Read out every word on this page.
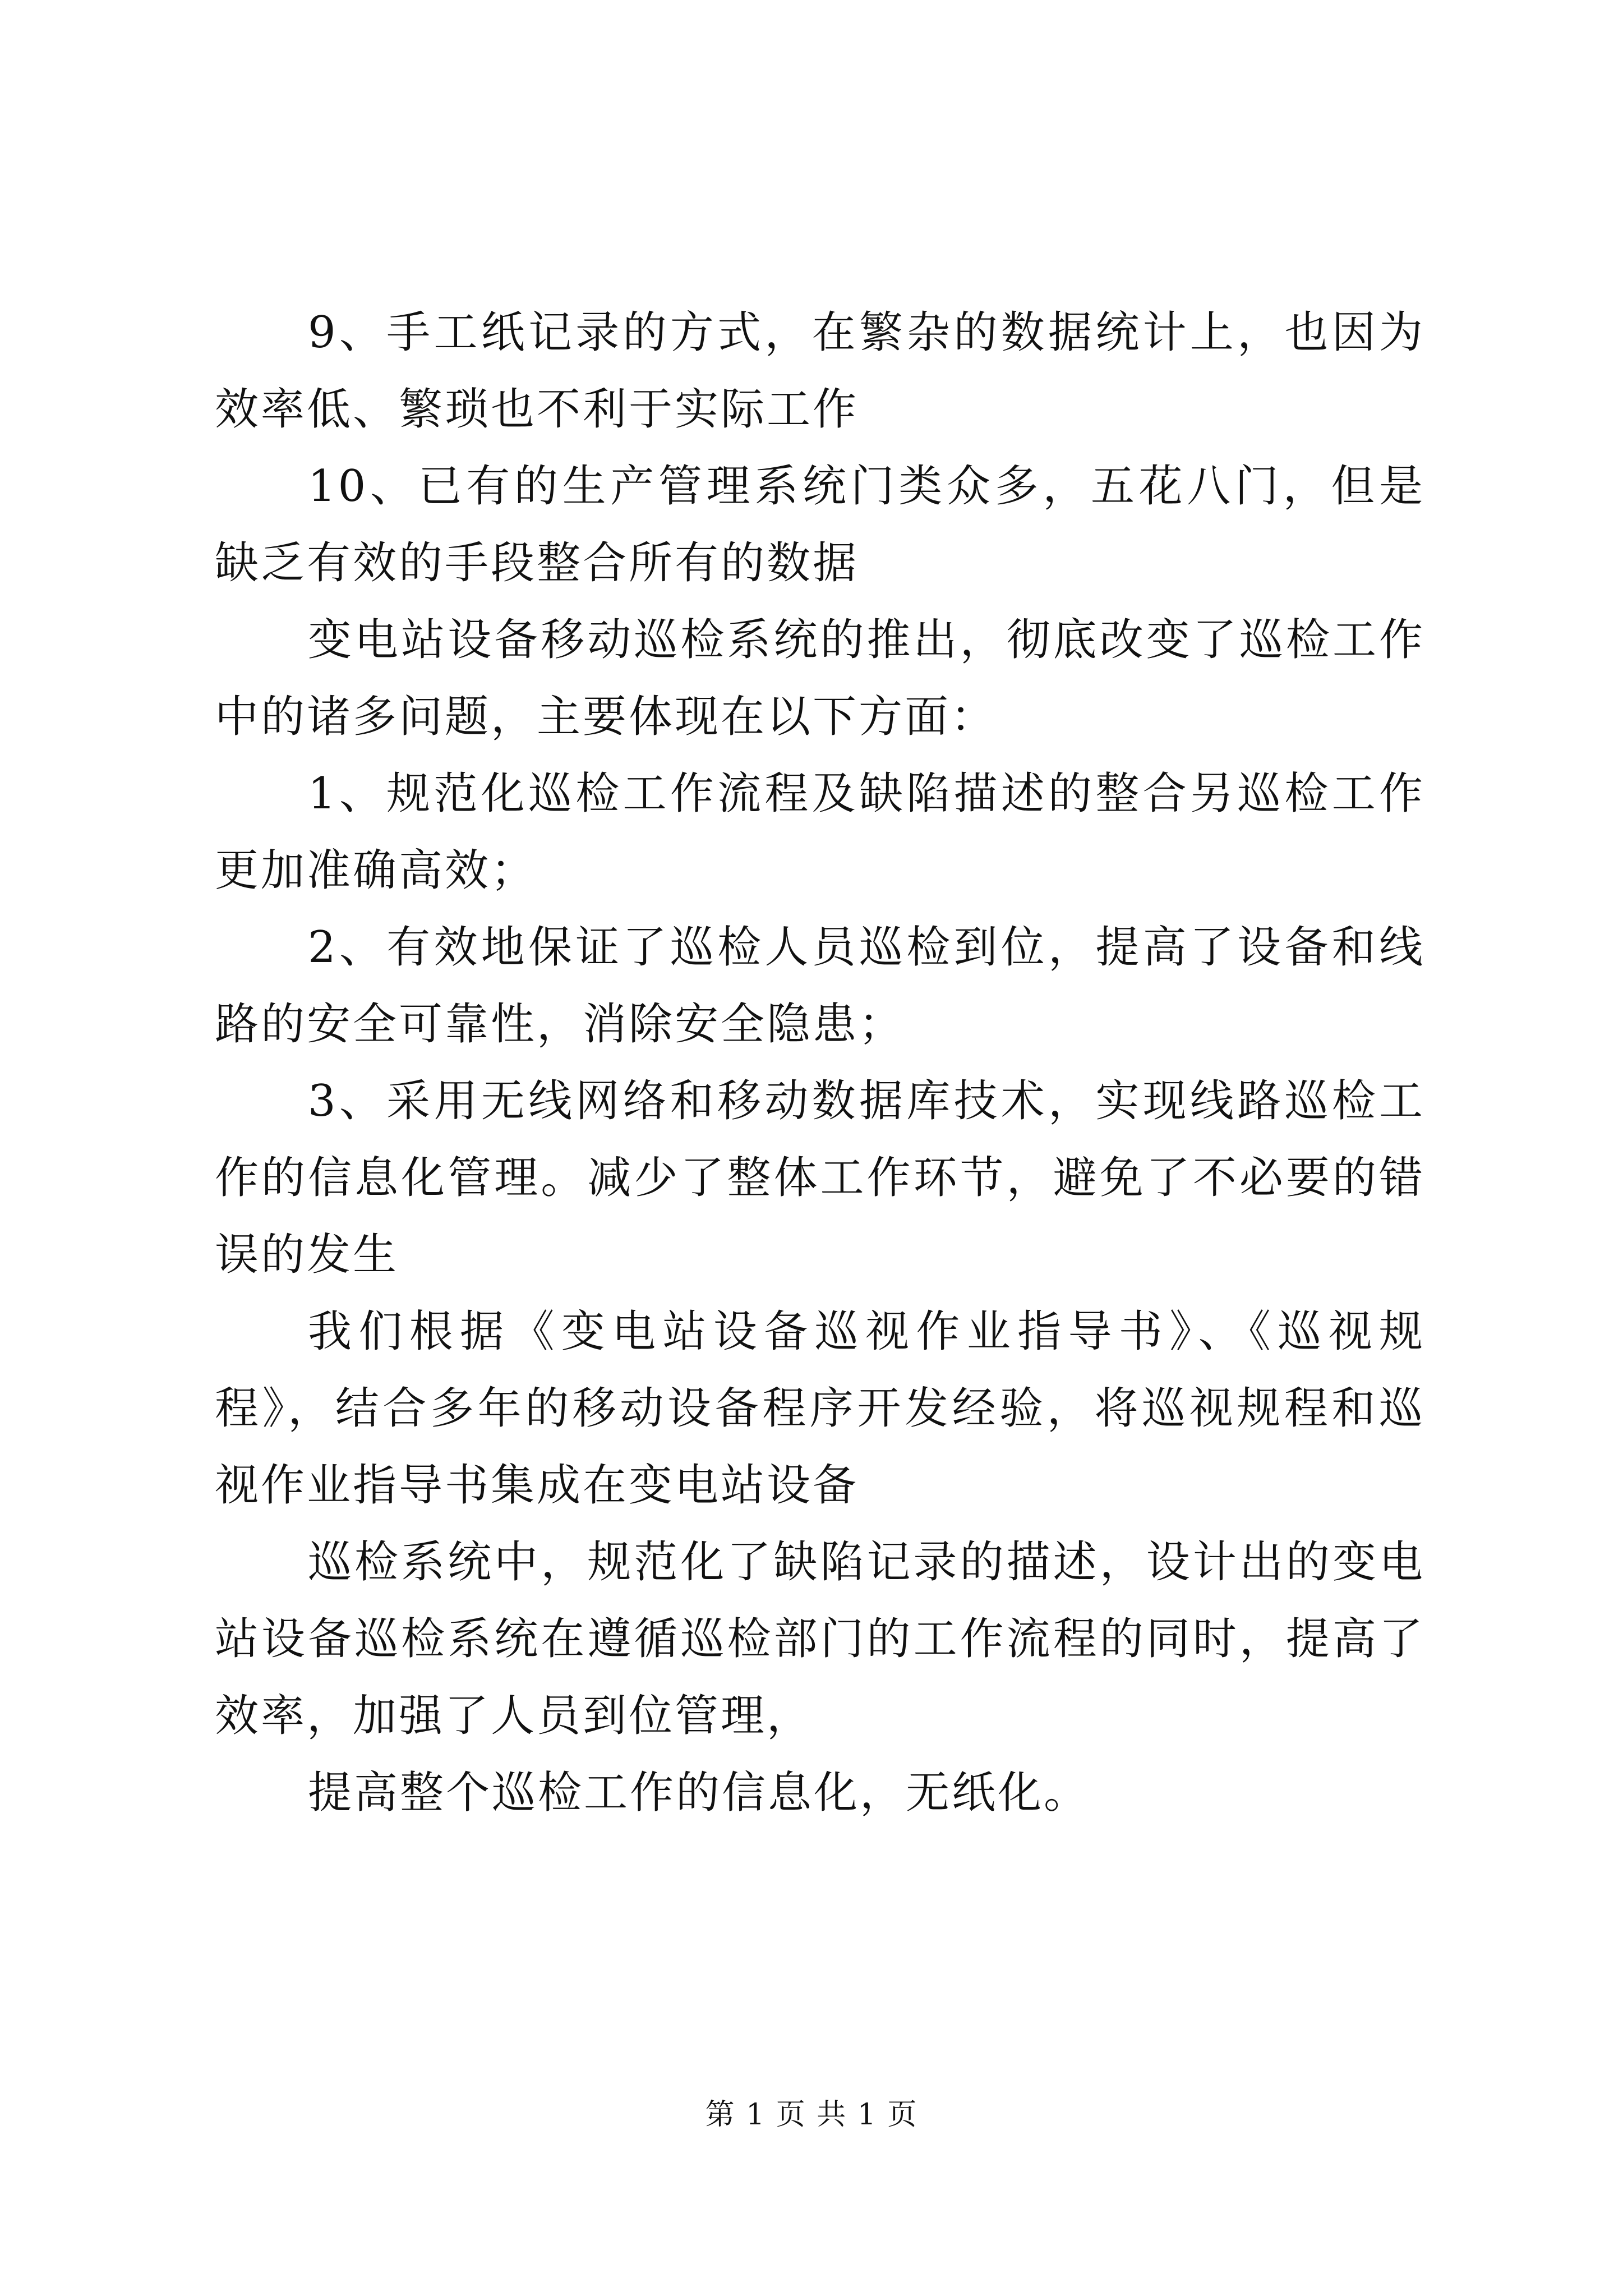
9、手工纸记录的方式，在繁杂的数据统计上，也因为效率低、繁琐也不利于实际工作

10、已有的生产管理系统门类众多，五花八门，但是缺乏有效的手段整合所有的数据

变电站设备移动巡检系统的推出，彻底改变了巡检工作中的诸多问题，主要体现在以下方面：

1、规范化巡检工作流程及缺陷描述的整合另巡检工作更加准确高效；

2、有效地保证了巡检人员巡检到位，提高了设备和线路的安全可靠性，消除安全隐患；

3、采用无线网络和移动数据库技术，实现线路巡检工作的信息化管理。减少了整体工作环节，避免了不必要的错误的发生

我们根据《变电站设备巡视作业指导书》、《巡视规程》，结合多年的移动设备程序开发经验，将巡视规程和巡视作业指导书集成在变电站设备

巡检系统中，规范化了缺陷记录的描述，设计出的变电站设备巡检系统在遵循巡检部门的工作流程的同时，提高了效率，加强了人员到位管理，

提高整个巡检工作的信息化，无纸化。

第 1 页 共 1 页
